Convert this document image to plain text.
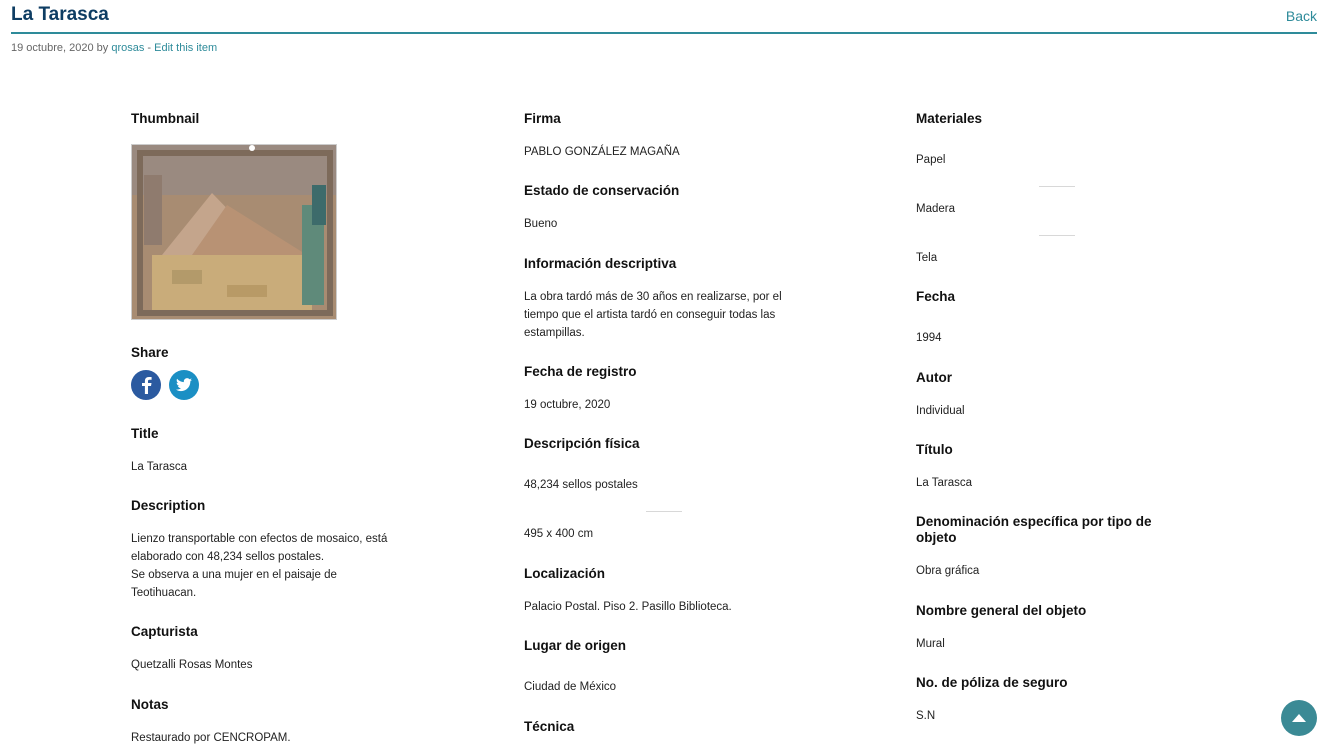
La Tarasca	Back
19 octubre, 2020 by qrosas - Edit this item
Thumbnail
Share
Title
La Tarasca
Description
Lienzo transportable con efectos de mosaico, está
elaborado con 48,234 sellos postales.
Se observa a una mujer en el paisaje de
Teotihuacan.
Capturista
Quetzalli Rosas Montes
Notas
Restaurado por CENCROPAM.
Firma
PABLO GONZÁLEZ MAGAÑA
Estado de conservación
Bueno
Información descriptiva
La obra tardó más de 30 años en realizarse, por el
tiempo que el artista tardó en conseguir todas las
estampillas.
Fecha de registro
19 octubre, 2020
Descripción física
48,234 sellos postales
495 x 400 cm
Localización
Palacio Postal. Piso 2. Pasillo Biblioteca.
Lugar de origen
Ciudad de México
Técnica
Materiales
Papel
Madera
Tela
Fecha
1994
Autor
Individual
Título
La Tarasca
Denominación específica por tipo de
objeto
Obra gráfica
Nombre general del objeto
Mural
No. de póliza de seguro
S.N
